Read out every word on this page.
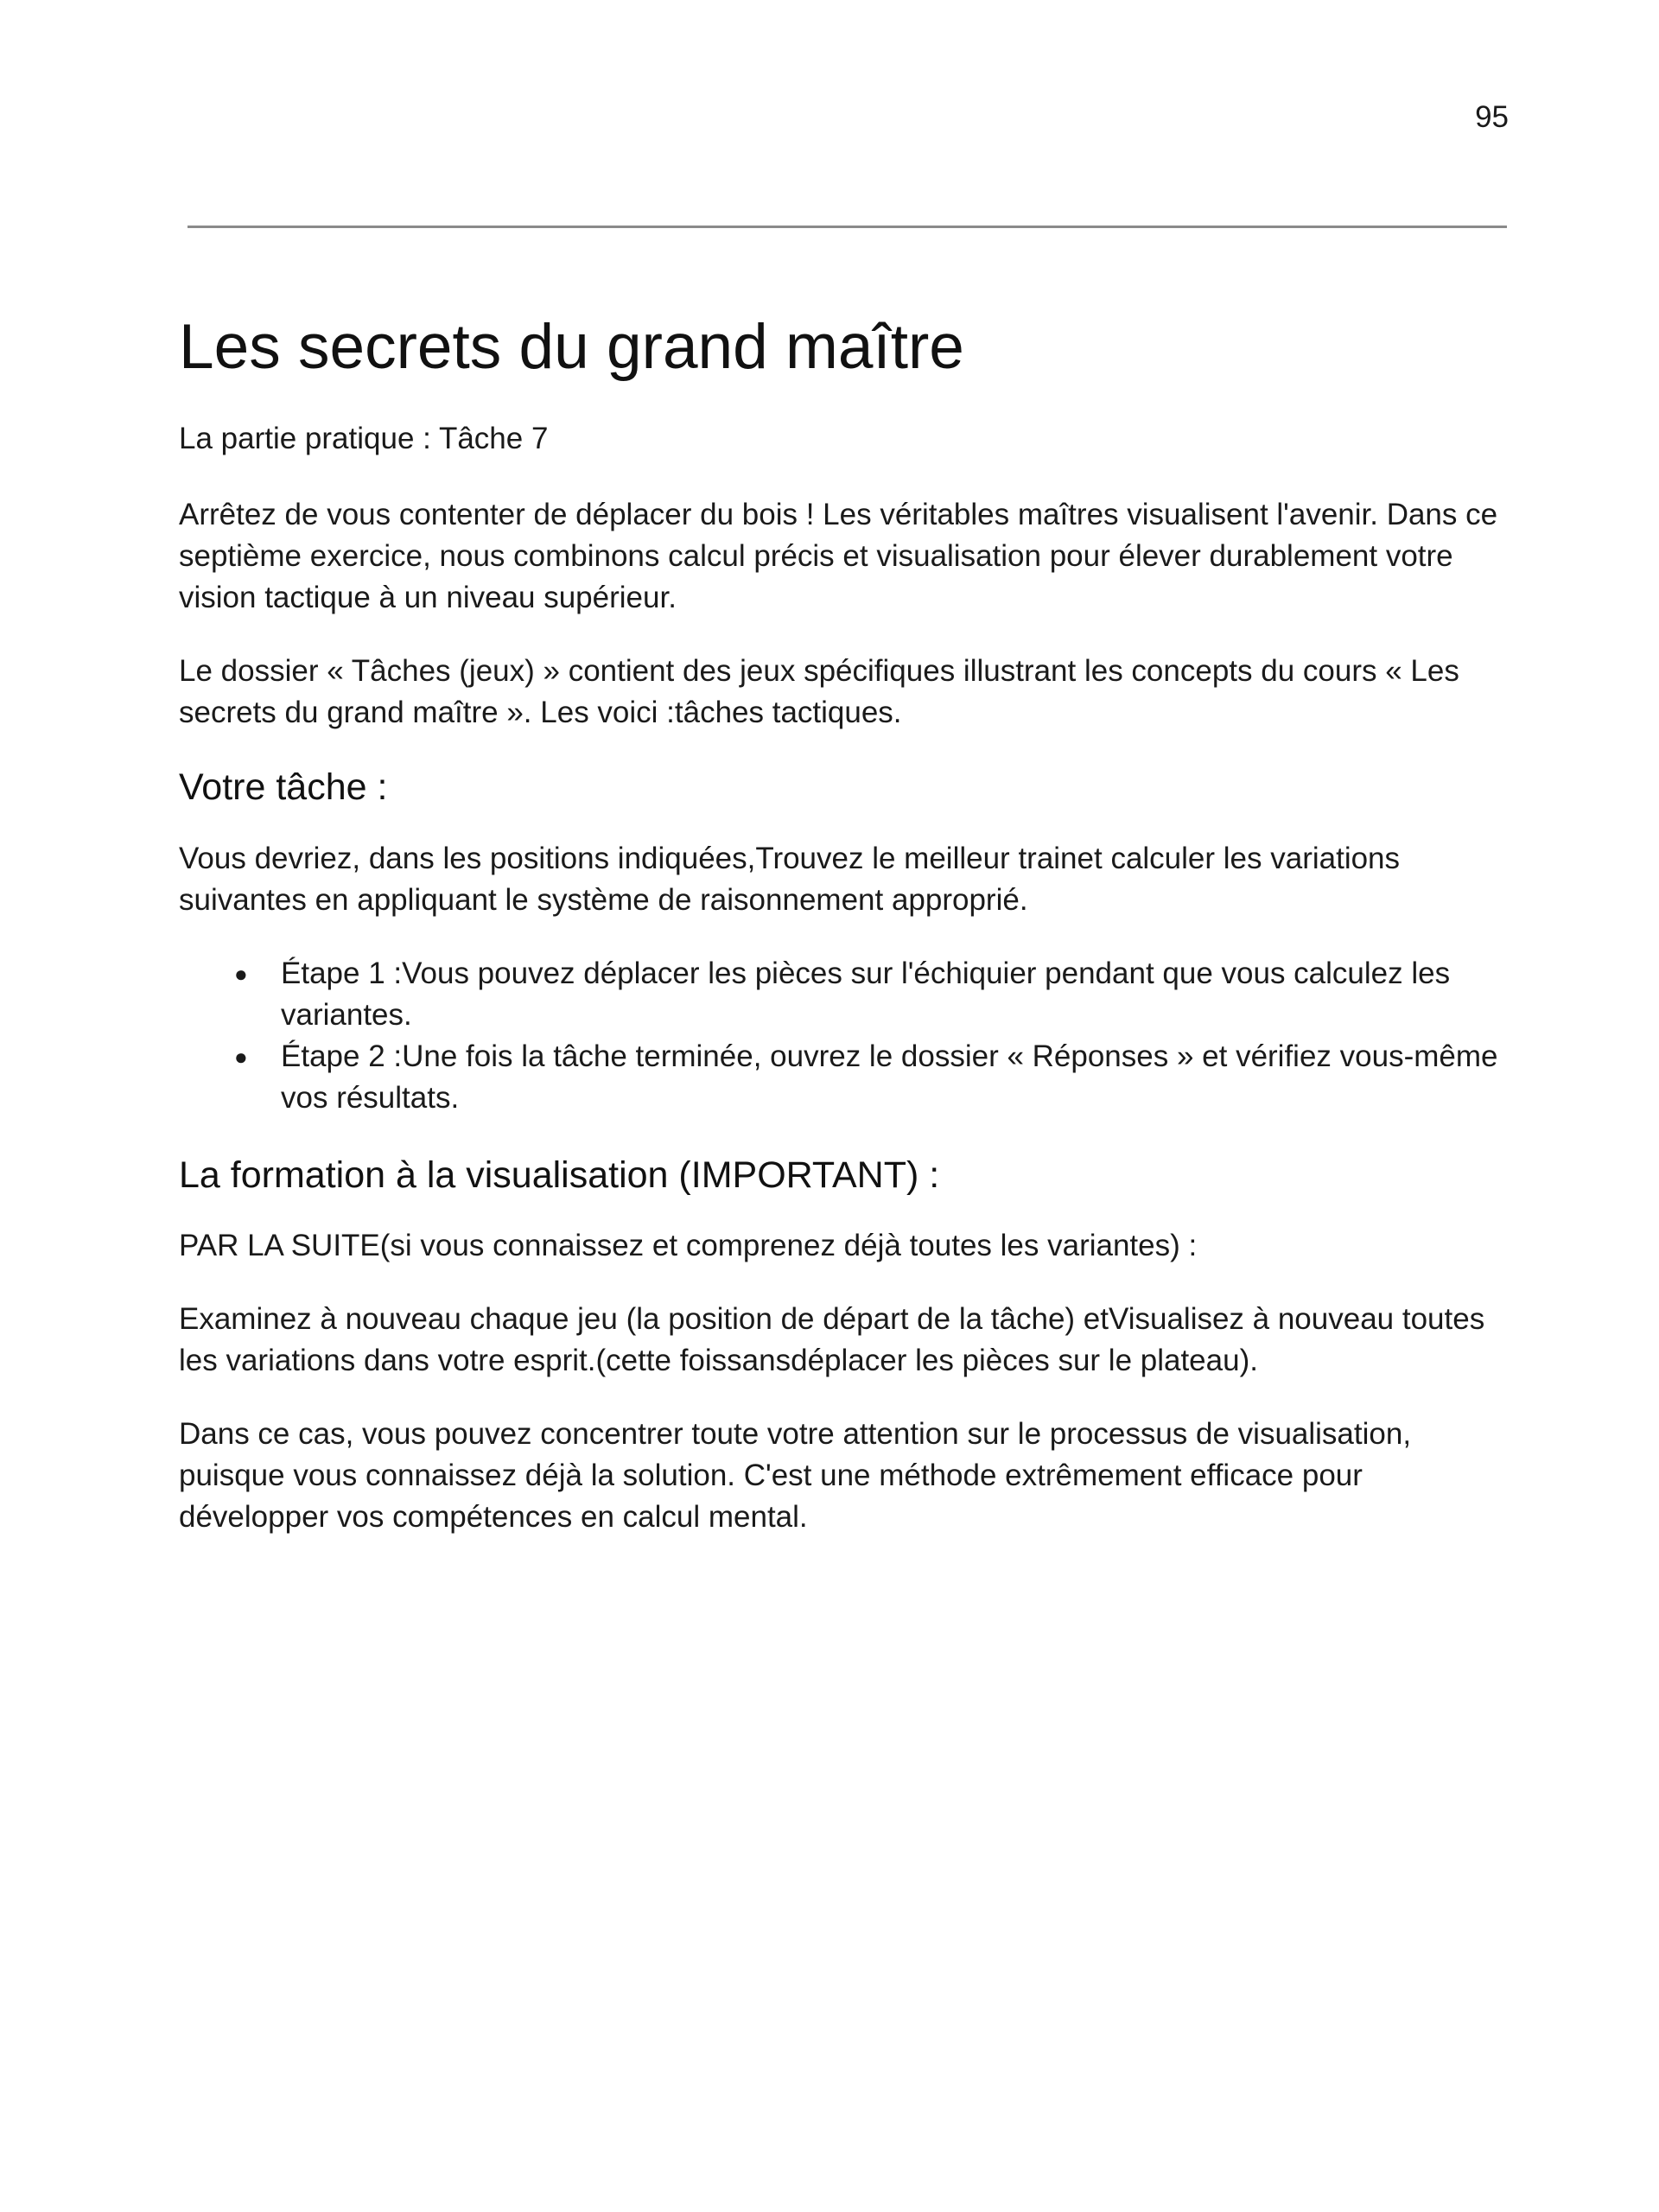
95
Les secrets du grand maître

La partie pratique : Tâche 7

Arrêtez de vous contenter de déplacer du bois ! Les véritables maîtres visualisent l'avenir. Dans ce septième exercice, nous combinons calcul précis et visualisation pour élever durablement votre vision tactique à un niveau supérieur.

Le dossier « Tâches (jeux) » contient des jeux spécifiques illustrant les concepts du cours « Les secrets du grand maître ». Les voici :tâches tactiques.

Votre tâche :

Vous devriez, dans les positions indiquées,Trouvez le meilleur trainet calculer les variations suivantes en appliquant le système de raisonnement approprié.

● Étape 1 :Vous pouvez déplacer les pièces sur l'échiquier pendant que vous calculez les variantes.
● Étape 2 :Une fois la tâche terminée, ouvrez le dossier « Réponses » et vérifiez vous-même vos résultats.
La formation à la visualisation (IMPORTANT) :

PAR LA SUITE(si vous connaissez et comprenez déjà toutes les variantes) :

Examinez à nouveau chaque jeu (la position de départ de la tâche) etVisualisez à nouveau toutes les variations dans votre esprit.(cette foissansdéplacer les pièces sur le plateau).

Dans ce cas, vous pouvez concentrer toute votre attention sur le processus de visualisation, puisque vous connaissez déjà la solution. C'est une méthode extrêmement efficace pour développer vos compétences en calcul mental.
